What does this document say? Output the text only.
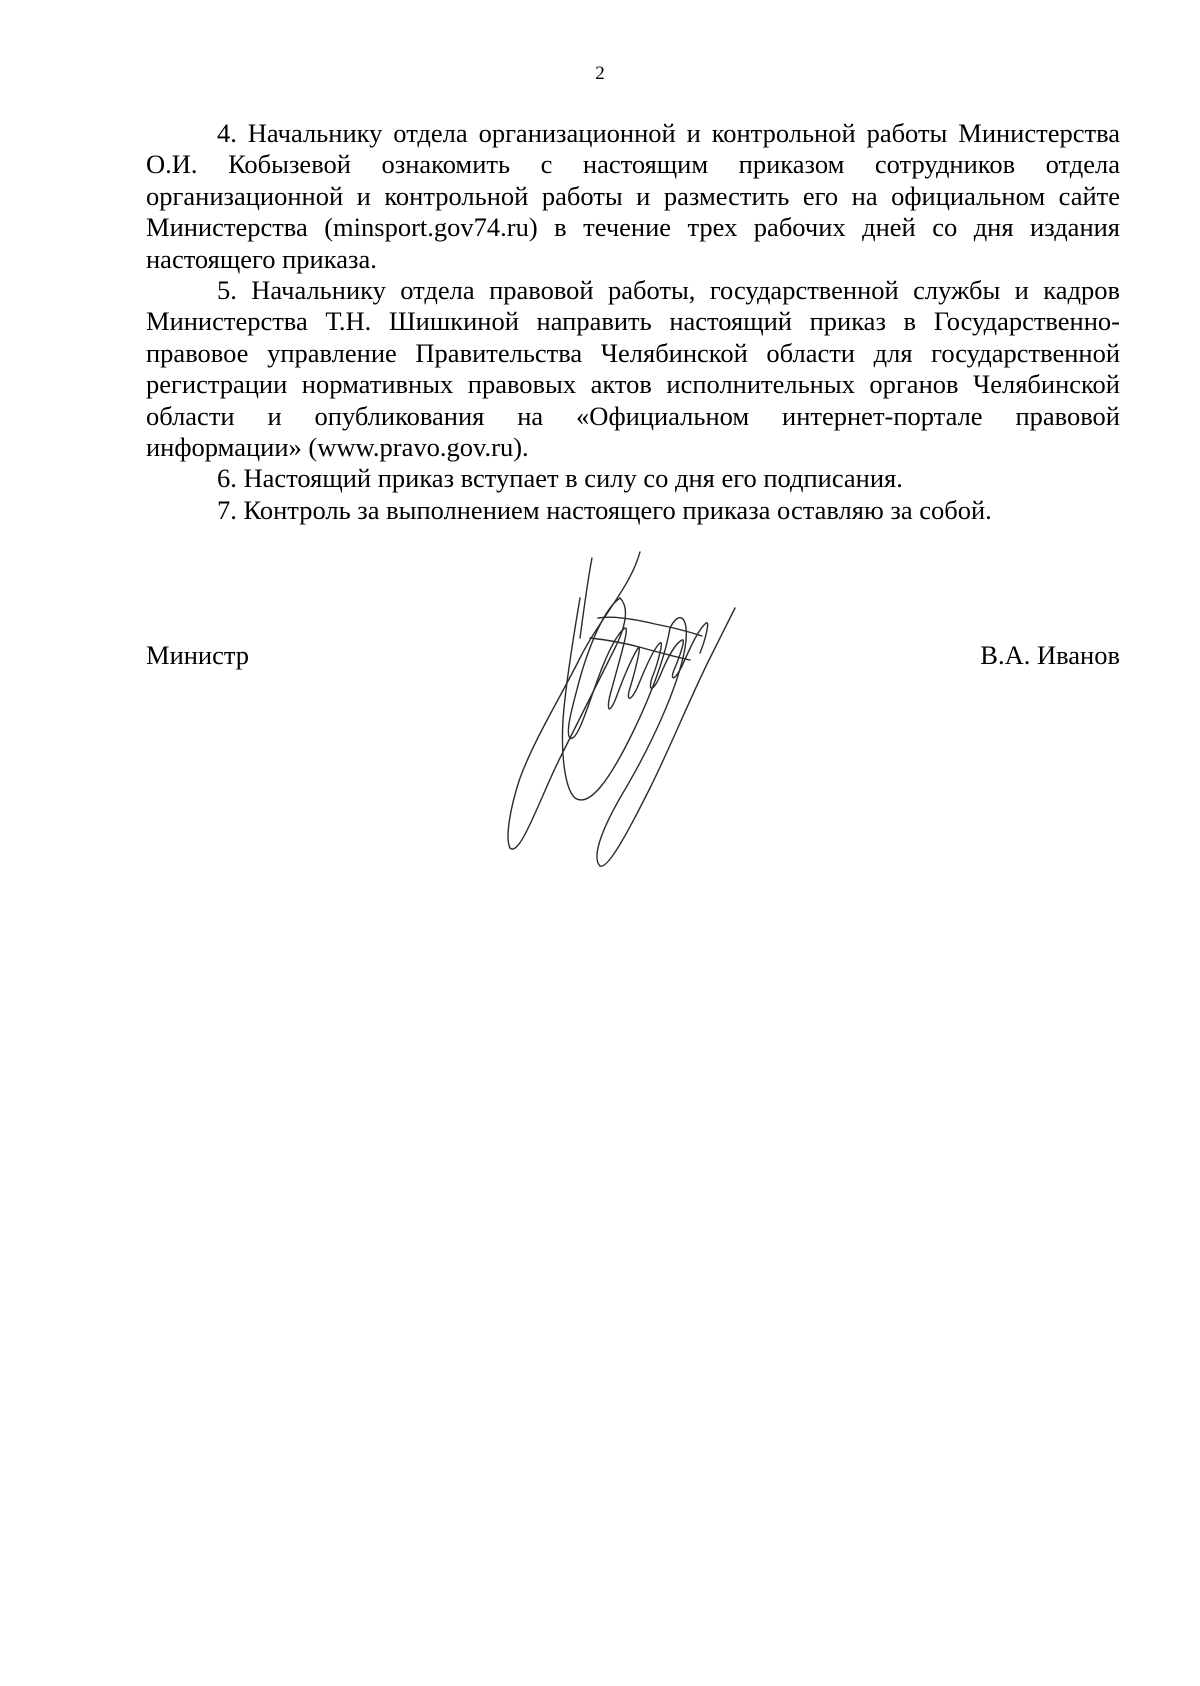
2

4. Начальнику отдела организационной и контрольной работы Министерства О.И. Кобызевой ознакомить с настоящим приказом сотрудников отдела организационной и контрольной работы и разместить его на официальном сайте Министерства (minsport.gov74.ru) в течение трех рабочих дней со дня издания настоящего приказа.

5. Начальнику отдела правовой работы, государственной службы и кадров Министерства Т.Н. Шишкиной направить настоящий приказ в Государственно-правовое управление Правительства Челябинской области для государственной регистрации нормативных правовых актов исполнительных органов Челябинской области и опубликования на «Официальном интернет-портале правовой информации» (www.pravo.gov.ru).

6. Настоящий приказ вступает в силу со дня его подписания.

7. Контроль за выполнением настоящего приказа оставляю за собой.

Министр	В.А. Иванов
